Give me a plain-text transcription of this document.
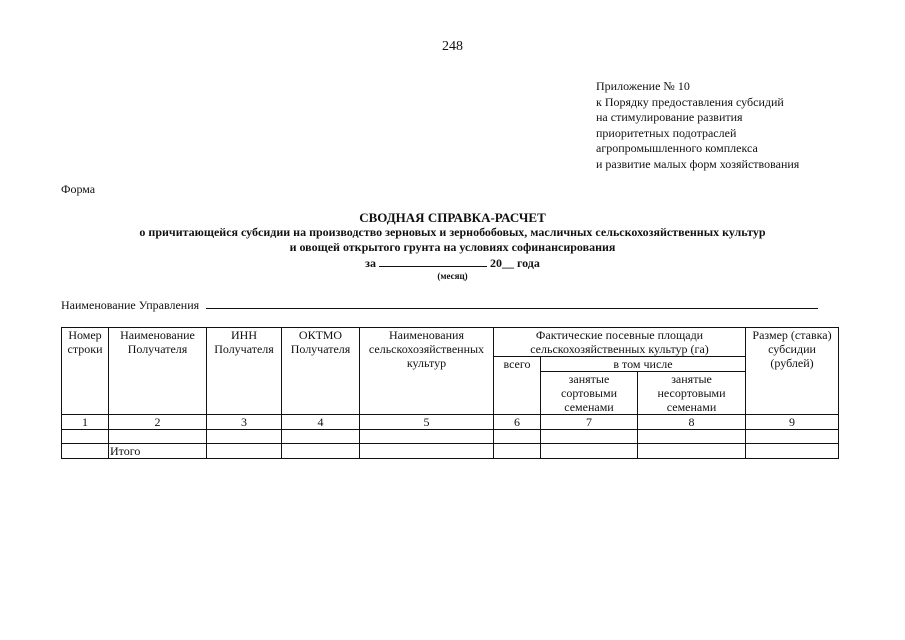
248
Приложение № 10
к Порядку предоставления субсидий
на стимулирование развития
приоритетных подотраслей
агропромышленного комплекса
и развитие малых форм хозяйствования
Форма
СВОДНАЯ СПРАВКА-РАСЧЕТ
о причитающейся субсидии на производство зерновых и зернобобовых, масличных сельскохозяйственных культур
и овощей открытого грунта на условиях софинансирования
за	20__ года
(месяц)
Наименование Управления
Номер строки	Наименование Получателя	ИНН Получателя	ОКТМО Получателя	Наименования сельскохозяйственных культур	Фактические посевные площади сельскохозяйственных культур (га)			Размер (ставка) субсидии (рублей)
					всего	в том числе		
						занятые сортовыми семенами	занятые несортовыми семенами	
1	2	3	4	5	6	7	8	9

	Итого							
